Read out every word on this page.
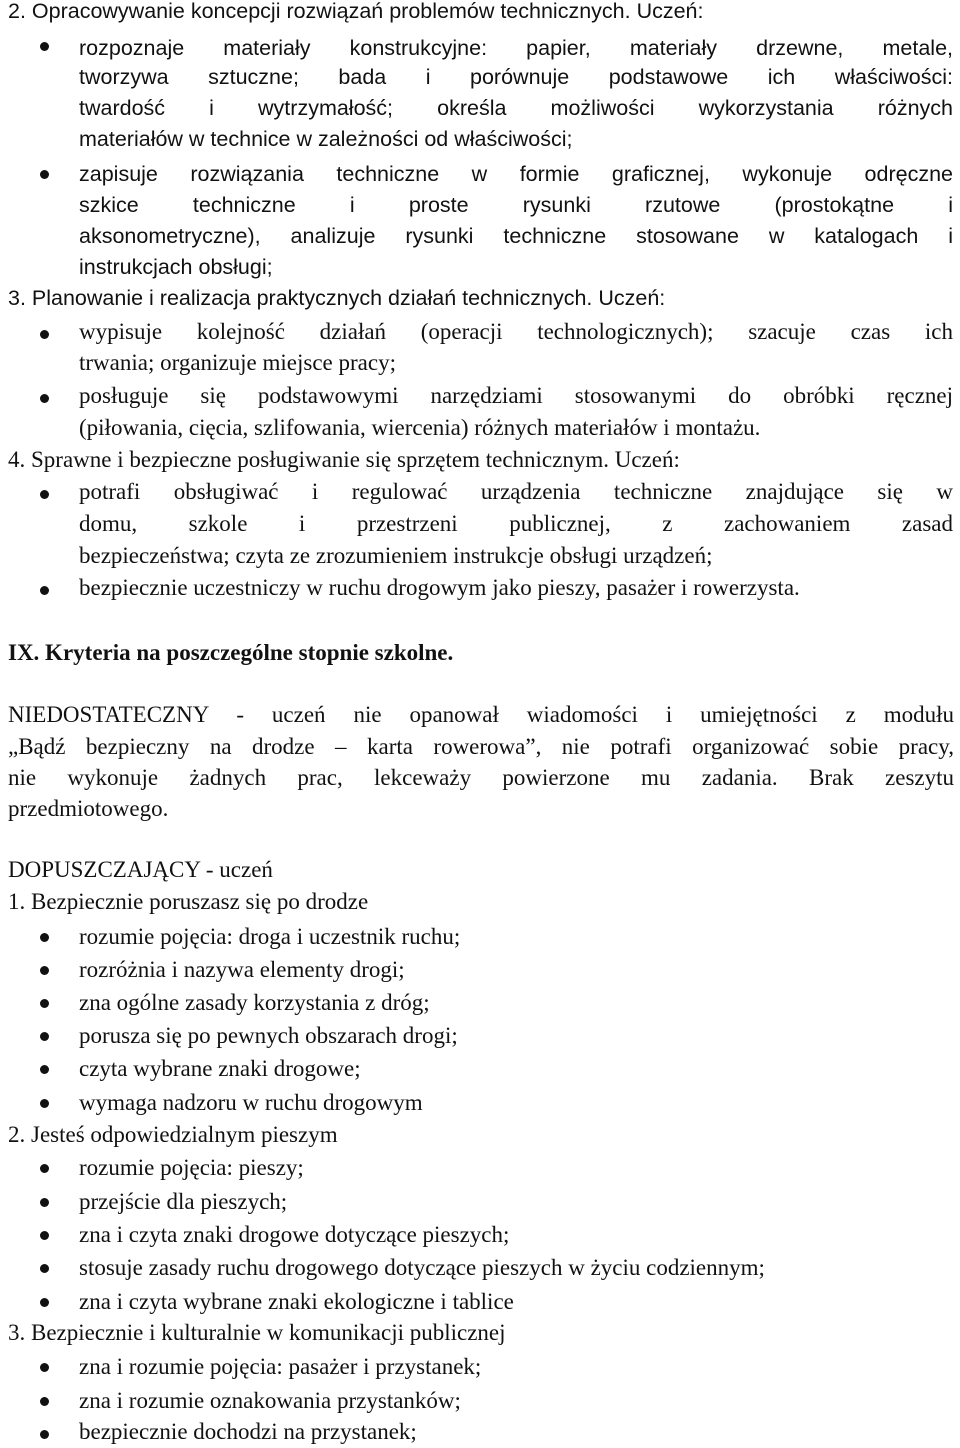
2. Opracowywanie koncepcji rozwiązań problemów technicznych. Uczeń:
rozpoznaje materiały konstrukcyjne: papier, materiały drzewne, metale,
tworzywa sztuczne; bada i porównuje podstawowe ich właściwości:
twardość i wytrzymałość; określa możliwości wykorzystania różnych
materiałów w technice w zależności od właściwości;
zapisuje rozwiązania techniczne w formie graficznej, wykonuje odręczne
szkice techniczne i proste rysunki rzutowe (prostokątne i
aksonometryczne), analizuje rysunki techniczne stosowane w katalogach i
instrukcjach obsługi;
3. Planowanie i realizacja praktycznych działań technicznych. Uczeń:
wypisuje kolejność działań (operacji technologicznych); szacuje czas ich
trwania; organizuje miejsce pracy;
posługuje się podstawowymi narzędziami stosowanymi do obróbki ręcznej
(piłowania, cięcia, szlifowania, wiercenia) różnych materiałów i montażu.
4. Sprawne i bezpieczne posługiwanie się sprzętem technicznym. Uczeń:
potrafi obsługiwać i regulować urządzenia techniczne znajdujące się w
domu, szkole i przestrzeni publicznej, z zachowaniem zasad
bezpieczeństwa; czyta ze zrozumieniem instrukcje obsługi urządzeń;
bezpiecznie uczestniczy w ruchu drogowym jako pieszy, pasażer i rowerzysta.
IX. Kryteria na poszczególne stopnie szkolne.
NIEDOSTATECZNY - uczeń nie opanował wiadomości i umiejętności z modułu
„Bądź bezpieczny na drodze – karta rowerowa”, nie potrafi organizować sobie pracy,
nie wykonuje żadnych prac, lekceważy powierzone mu zadania. Brak zeszytu
przedmiotowego.
DOPUSZCZAJĄCY - uczeń
1. Bezpiecznie poruszasz się po drodze
rozumie pojęcia: droga i uczestnik ruchu;
rozróżnia i nazywa elementy drogi;
zna ogólne zasady korzystania z dróg;
porusza się po pewnych obszarach drogi;
czyta wybrane znaki drogowe;
wymaga nadzoru w ruchu drogowym
2. Jesteś odpowiedzialnym pieszym
rozumie pojęcia: pieszy;
przejście dla pieszych;
zna i czyta znaki drogowe dotyczące pieszych;
stosuje zasady ruchu drogowego dotyczące pieszych w życiu codziennym;
zna i czyta wybrane znaki ekologiczne i tablice
3. Bezpiecznie i kulturalnie w komunikacji publicznej
zna i rozumie pojęcia: pasażer i przystanek;
zna i rozumie oznakowania przystanków;
bezpiecznie dochodzi na przystanek;
